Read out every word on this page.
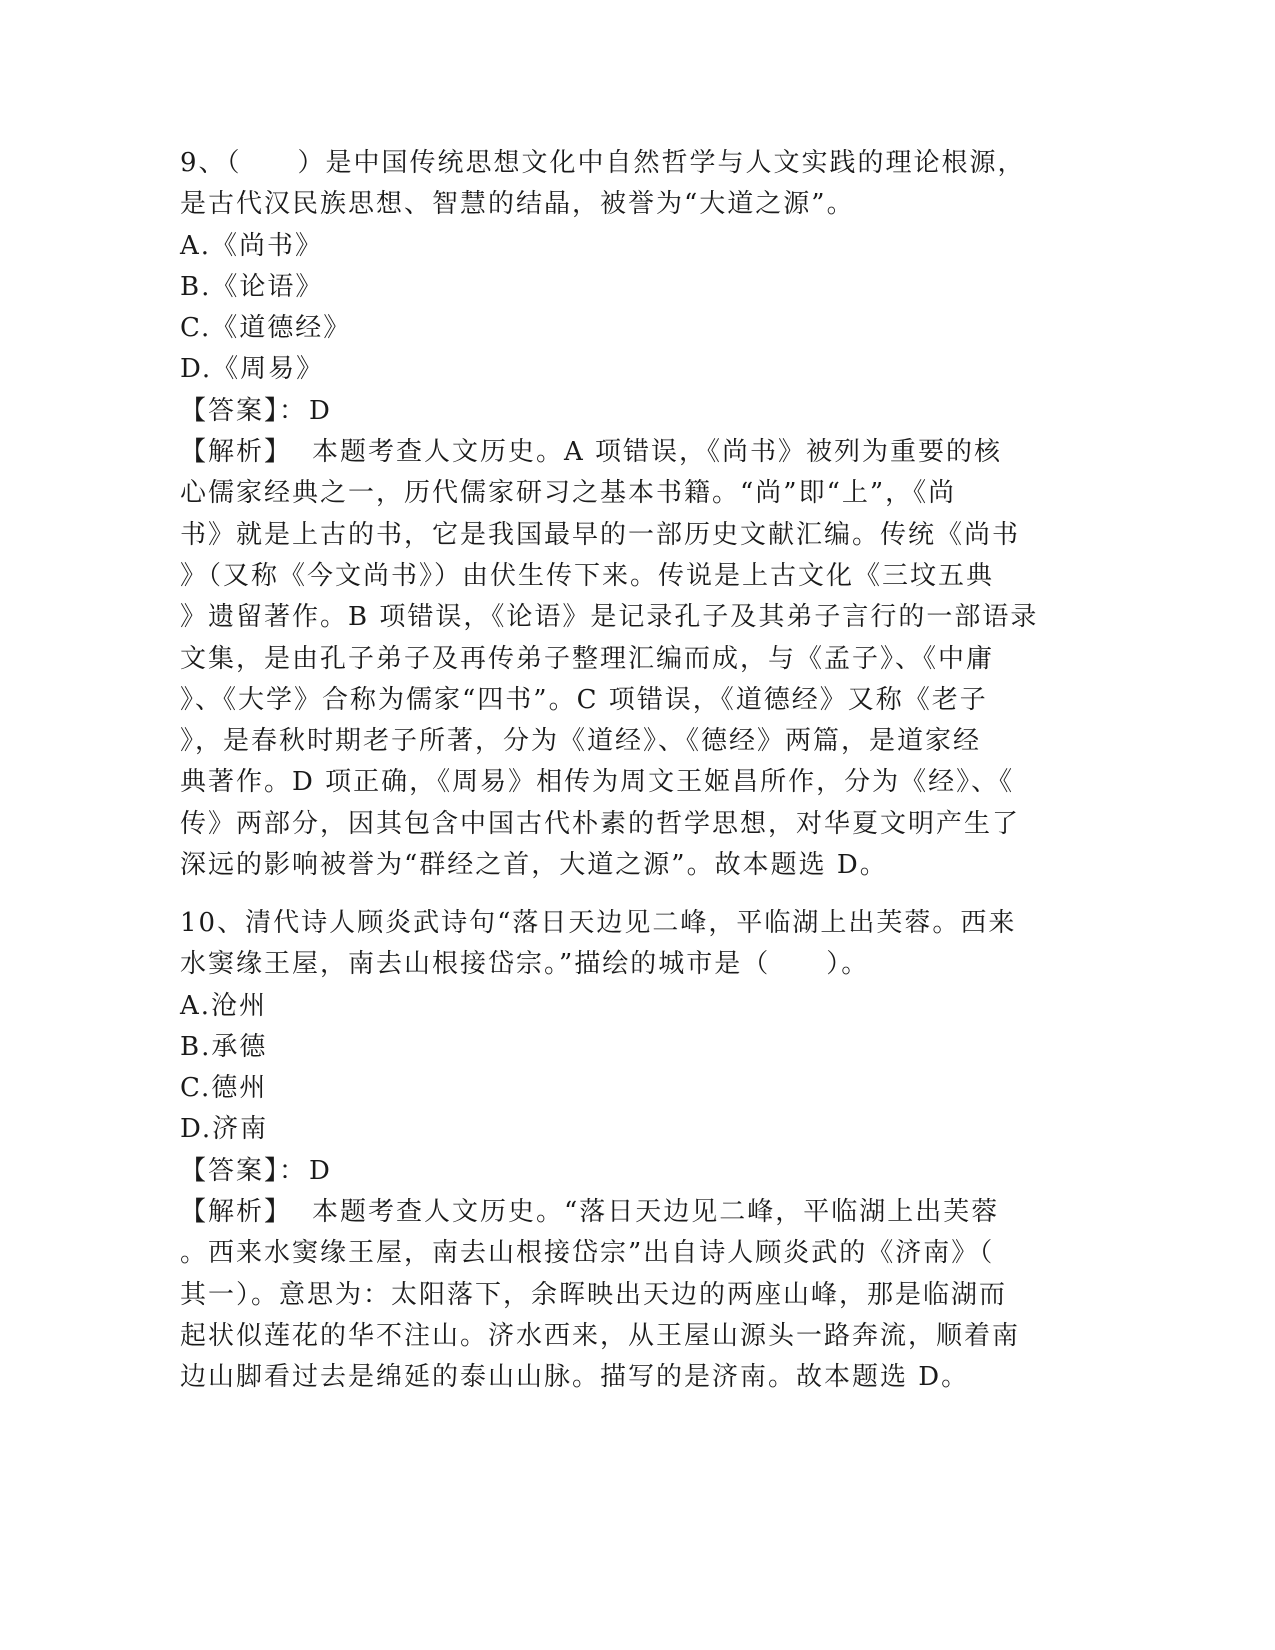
9、（　　）是中国传统思想文化中自然哲学与人文实践的理论根源，
是古代汉民族思想、智慧的结晶，被誉为“大道之源”。
A.《尚书》
B.《论语》
C.《道德经》
D.《周易》
【答案】：D
【解析】 本题考查人文历史。A 项错误，《尚书》被列为重要的核
心儒家经典之一，历代儒家研习之基本书籍。“尚”即“上”，《尚
书》就是上古的书，它是我国最早的一部历史文献汇编。传统《尚书
》（又称《今文尚书》）由伏生传下来。传说是上古文化《三坟五典
》遗留著作。B 项错误，《论语》是记录孔子及其弟子言行的一部语录
文集，是由孔子弟子及再传弟子整理汇编而成，与《孟子》、《中庸
》、《大学》合称为儒家“四书”。C 项错误，《道德经》又称《老子
》，是春秋时期老子所著，分为《道经》、《德经》两篇，是道家经
典著作。D 项正确，《周易》相传为周文王姬昌所作，分为《经》、《
传》两部分，因其包含中国古代朴素的哲学思想，对华夏文明产生了
深远的影响被誉为“群经之首，大道之源”。故本题选 D。
10、清代诗人顾炎武诗句“落日天边见二峰，平临湖上出芙蓉。西来
水窦缘王屋，南去山根接岱宗。”描绘的城市是（　　）。
A.沧州
B.承德
C.德州
D.济南
【答案】：D
【解析】 本题考查人文历史。“落日天边见二峰，平临湖上出芙蓉
。西来水窦缘王屋，南去山根接岱宗”出自诗人顾炎武的《济南》（
其一）。意思为：太阳落下，余晖映出天边的两座山峰，那是临湖而
起状似莲花的华不注山。济水西来，从王屋山源头一路奔流，顺着南
边山脚看过去是绵延的泰山山脉。描写的是济南。故本题选 D。
